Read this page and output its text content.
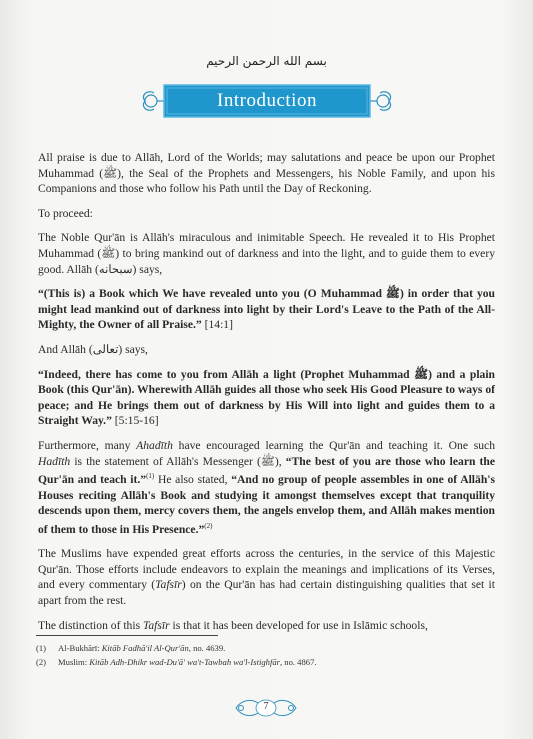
بسم الله الرحمن الرحيم
Introduction

All praise is due to Allāh, Lord of the Worlds; may salutations and peace be upon our Prophet Muhammad (ﷺ), the Seal of the Prophets and Messengers, his Noble Family, and upon his Companions and those who follow his Path until the Day of Reckoning.

To proceed:

The Noble Qur'ān is Allāh's miraculous and inimitable Speech. He revealed it to His Prophet Muhammad (ﷺ) to bring mankind out of darkness and into the light, and to guide them to every good. Allāh (سبحانه) says,

“(This is) a Book which We have revealed unto you (O Muhammad ﷺ) in order that you might lead mankind out of darkness into light by their Lord's Leave to the Path of the All-Mighty, the Owner of all Praise.” [14:1]

And Allāh (تعالى) says,

“Indeed, there has come to you from Allāh a light (Prophet Muhammad ﷺ) and a plain Book (this Qur'ān). Wherewith Allāh guides all those who seek His Good Pleasure to ways of peace; and He brings them out of darkness by His Will into light and guides them to a Straight Way.” [5:15-16]

Furthermore, many Ahadīth have encouraged learning the Qur'ān and teaching it. One such Hadīth is the statement of Allāh's Messenger (ﷺ), “The best of you are those who learn the Qur'ān and teach it.”$^{(1)}$ He also stated, “And no group of people assembles in one of Allāh's Houses reciting Allāh's Book and studying it amongst themselves except that tranquility descends upon them, mercy covers them, the angels envelop them, and Allāh makes mention of them to those in His Presence.”$^{(2)}$

The Muslims have expended great efforts across the centuries, in the service of this Majestic Qur'ān. Those efforts include endeavors to explain the meanings and implications of its Verses, and every commentary (Tafsīr) on the Qur'ān has had certain distinguishing qualities that set it apart from the rest.

The distinction of this Tafsīr is that it has been developed for use in Islāmic schools,

(1) Al-Bukhārī: Kitāb Fadhā'il Al-Qur'ān, no. 4639.
(2) Muslim: Kitāb Adh-Dhikr wad-Du'ā' wa't-Tawbah wa'l-Istighfār, no. 4867.
7
